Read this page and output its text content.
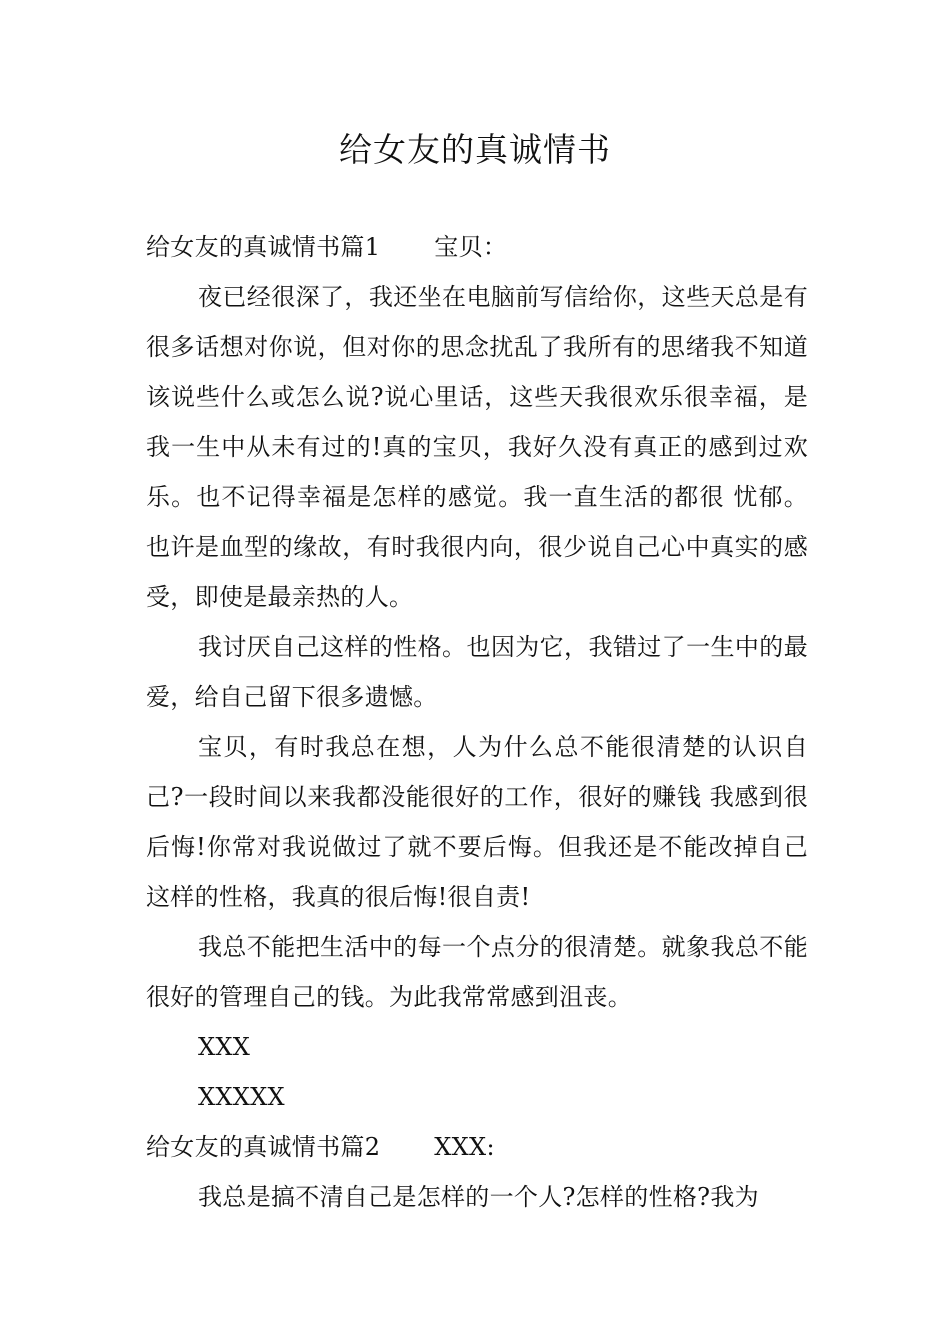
给女友的真诚情书

给女友的真诚情书篇1 宝贝：

夜已经很深了，我还坐在电脑前写信给你，这些天总是有很多话想对你说，但对你的思念扰乱了我所有的思绪我不知道该说些什么或怎么说?说心里话，这些天我很欢乐很幸福，是我一生中从未有过的!真的宝贝，我好久没有真正的感到过欢乐。也不记得幸福是怎样的感觉。我一直生活的都很 忧郁。也许是血型的缘故，有时我很内向，很少说自己心中真实的感受，即使是最亲热的人。

我讨厌自己这样的性格。也因为它，我错过了一生中的最爱，给自己留下很多遗憾。

宝贝，有时我总在想，人为什么总不能很清楚的认识自己?一段时间以来我都没能很好的工作，很好的赚钱 我感到很后悔!你常对我说做过了就不要后悔。但我还是不能改掉自己这样的性格，我真的很后悔!很自责!

我总不能把生活中的每一个点分的很清楚。就象我总不能很好的管理自己的钱。为此我常常感到沮丧。

XXX

XXXXX

给女友的真诚情书篇2 XXX:

我总是搞不清自己是怎样的一个人?怎样的性格?我为
